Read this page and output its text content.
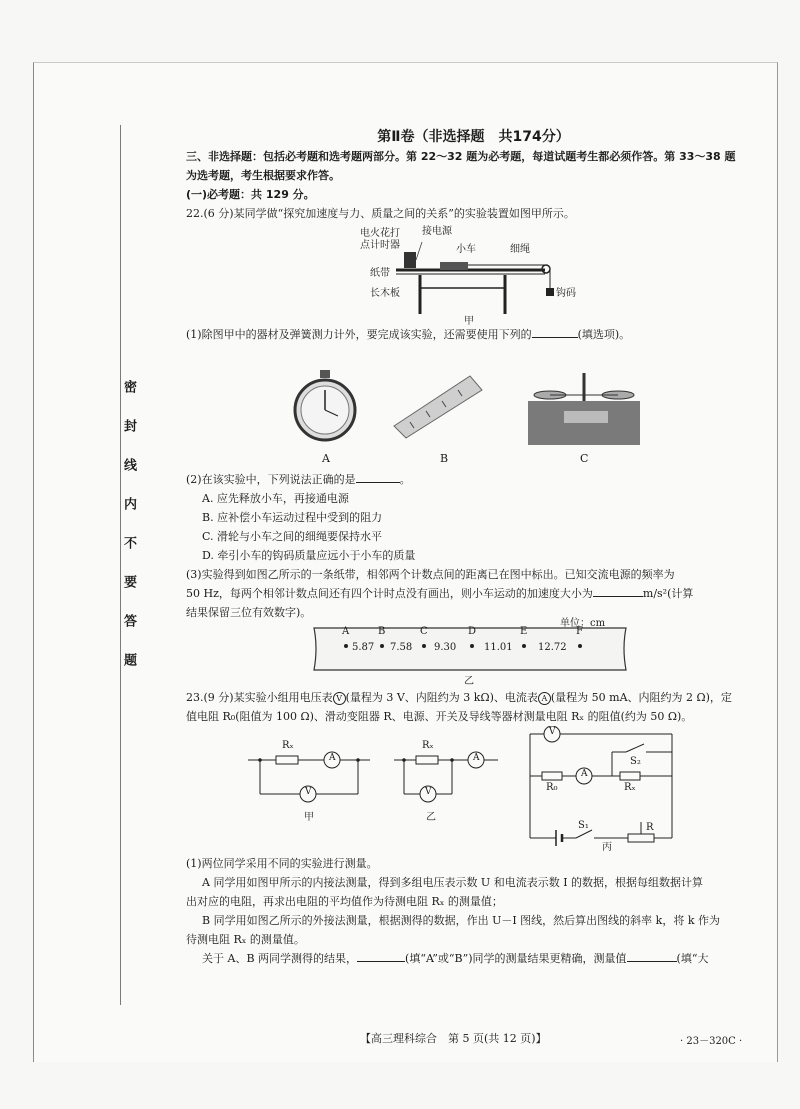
第Ⅱ卷（非选择题　共174分）

三、非选择题：包括必考题和选考题两部分。第 22～32 题为必考题，每道试题考生都必须作答。第 33～38 题

为选考题，考生根据要求作答。

(一)必考题：共 129 分。

22.(6 分)某同学做“探究加速度与力、质量之间的关系”的实验装置如图甲所示。

电火花打
点计时器
接电源
小车	细绳
纸带
长木板	钩码
甲

(1)除图甲中的器材及弹簧测力计外，要完成该实验，还需要使用下列的	(填选项)。

A	B	C

(2)在该实验中，下列说法正确的是	。

A. 应先释放小车，再接通电源

B. 应补偿小车运动过程中受到的阻力

C. 滑轮与小车之间的细绳要保持水平

D. 牵引小车的钩码质量应远小于小车的质量

(3)实验得到如图乙所示的一条纸带，相邻两个计数点间的距离已在图中标出。已知交流电源的频率为

50 Hz，每两个相邻计数点间还有四个计时点没有画出，则小车运动的加速度大小为	m/s²(计算

结果保留三位有效数字)。

单位：cm
A	B	C	D	E	F
5.87 7.58 9.30	11.01	12.72
乙

23.(9 分)某实验小组用电压表 V (量程为 3 V、内阻约为 3 kΩ)、电流表 A (量程为 50 mA、内阻约为 2 Ω)，定

值电阻 R₀(阻值为 100 Ω)、滑动变阻器 R、电源、开关及导线等器材测量电阻 Rₓ 的阻值(约为 50 Ω)。

Rₓ
A
V
甲
Rₓ
A
V
乙
V
A
R₀	Rₓ
S₂
S₁	R
丙

(1)两位同学采用不同的实验进行测量。

A 同学用如图甲所示的内接法测量，得到多组电压表示数 U 和电流表示数 I 的数据，根据每组数据计算

出对应的电阻，再求出电阻的平均值作为待测电阻 Rₓ 的测量值；

B 同学用如图乙所示的外接法测量，根据测得的数据，作出 U－I 图线，然后算出图线的斜率 k，将 k 作为

待测电阻 Rₓ 的测量值。

关于 A、B 两同学测得的结果，	(填“A”或“B”)同学的测量结果更精确，测量值	(填“大

【高三理科综合　第 5 页(共 12 页)】	· 23－320C ·
